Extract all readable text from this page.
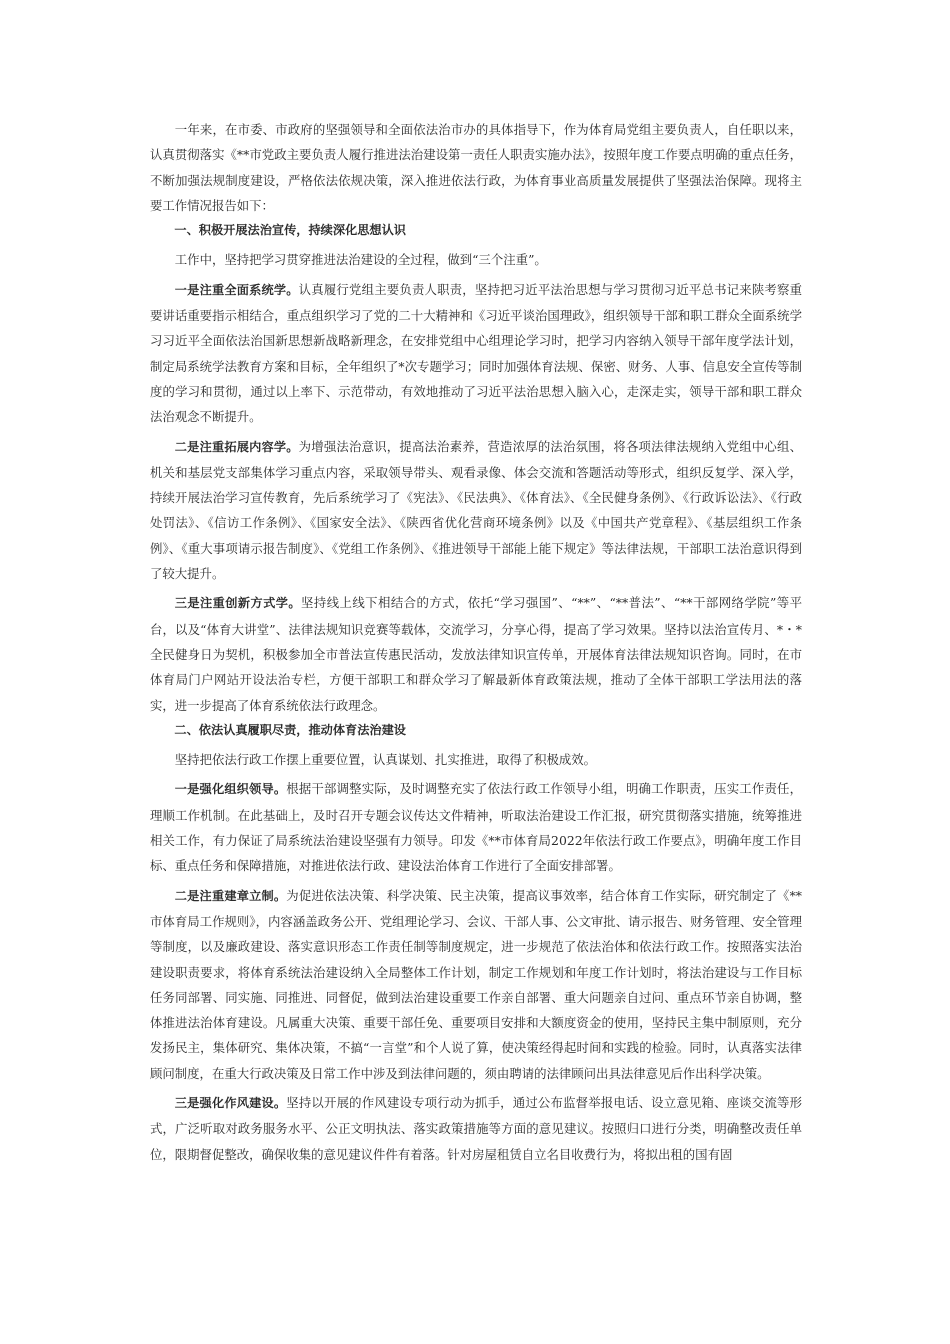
一年来，在市委、市政府的坚强领导和全面依法治市办的具体指导下，作为体育局党组主要负责人，自任职以来，认真贯彻落实《**市党政主要负责人履行推进法治建设第一责任人职责实施办法》，按照年度工作要点明确的重点任务，不断加强法规制度建设，严格依法依规决策，深入推进依法行政，为体育事业高质量发展提供了坚强法治保障。现将主要工作情况报告如下：

一、积极开展法治宣传，持续深化思想认识

工作中，坚持把学习贯穿推进法治建设的全过程，做到“三个注重”。

一是注重全面系统学。认真履行党组主要负责人职责，坚持把习近平法治思想与学习贯彻习近平总书记来陕考察重要讲话重要指示相结合，重点组织学习了党的二十大精神和《习近平谈治国理政》，组织领导干部和职工群众全面系统学习习近平全面依法治国新思想新战略新理念，在安排党组中心组理论学习时，把学习内容纳入领导干部年度学法计划，制定局系统学法教育方案和目标，全年组织了*次专题学习；同时加强体育法规、保密、财务、人事、信息安全宣传等制度的学习和贯彻，通过以上率下、示范带动，有效地推动了习近平法治思想入脑入心，走深走实，领导干部和职工群众法治观念不断提升。

二是注重拓展内容学。为增强法治意识，提高法治素养，营造浓厚的法治氛围，将各项法律法规纳入党组中心组、机关和基层党支部集体学习重点内容，采取领导带头、观看录像、体会交流和答题活动等形式，组织反复学、深入学，持续开展法治学习宣传教育，先后系统学习了《宪法》、《民法典》、《体育法》、《全民健身条例》、《行政诉讼法》、《行政处罚法》、《信访工作条例》、《国家安全法》、《陕西省优化营商环境条例》以及《中国共产党章程》、《基层组织工作条例》、《重大事项请示报告制度》、《党组工作条例》、《推进领导干部能上能下规定》等法律法规，干部职工法治意识得到了较大提升。

三是注重创新方式学。坚持线上线下相结合的方式，依托“学习强国”、“**”、“**普法”、“**干部网络学院”等平台，以及“体育大讲堂”、法律法规知识竞赛等载体，交流学习，分享心得，提高了学习效果。坚持以法治宣传月、*・*全民健身日为契机，积极参加全市普法宣传惠民活动，发放法律知识宣传单，开展体育法律法规知识咨询。同时，在市体育局门户网站开设法治专栏，方便干部职工和群众学习了解最新体育政策法规，推动了全体干部职工学法用法的落实，进一步提高了体育系统依法行政理念。

二、依法认真履职尽责，推动体育法治建设

坚持把依法行政工作摆上重要位置，认真谋划、扎实推进，取得了积极成效。

一是强化组织领导。根据干部调整实际，及时调整充实了依法行政工作领导小组，明确工作职责，压实工作责任，理顺工作机制。在此基础上，及时召开专题会议传达文件精神，听取法治建设工作汇报，研究贯彻落实措施，统筹推进相关工作，有力保证了局系统法治建设坚强有力领导。印发《**市体育局2022年依法行政工作要点》，明确年度工作目标、重点任务和保障措施，对推进依法行政、建设法治体育工作进行了全面安排部署。

二是注重建章立制。为促进依法决策、科学决策、民主决策，提高议事效率，结合体育工作实际，研究制定了《**市体育局工作规则》，内容涵盖政务公开、党组理论学习、会议、干部人事、公文审批、请示报告、财务管理、安全管理等制度，以及廉政建设、落实意识形态工作责任制等制度规定，进一步规范了依法治体和依法行政工作。按照落实法治建设职责要求，将体育系统法治建设纳入全局整体工作计划，制定工作规划和年度工作计划时，将法治建设与工作目标任务同部署、同实施、同推进、同督促，做到法治建设重要工作亲自部署、重大问题亲自过问、重点环节亲自协调，整体推进法治体育建设。凡属重大决策、重要干部任免、重要项目安排和大额度资金的使用，坚持民主集中制原则，充分发扬民主，集体研究、集体决策，不搞“一言堂”和个人说了算，使决策经得起时间和实践的检验。同时，认真落实法律顾问制度，在重大行政决策及日常工作中涉及到法律问题的，须由聘请的法律顾问出具法律意见后作出科学决策。

三是强化作风建设。坚持以开展的作风建设专项行动为抓手，通过公布监督举报电话、设立意见箱、座谈交流等形式，广泛听取对政务服务水平、公正文明执法、落实政策措施等方面的意见建议。按照归口进行分类，明确整改责任单位，限期督促整改，确保收集的意见建议件件有着落。针对房屋租赁自立名目收费行为，将拟出租的国有固
